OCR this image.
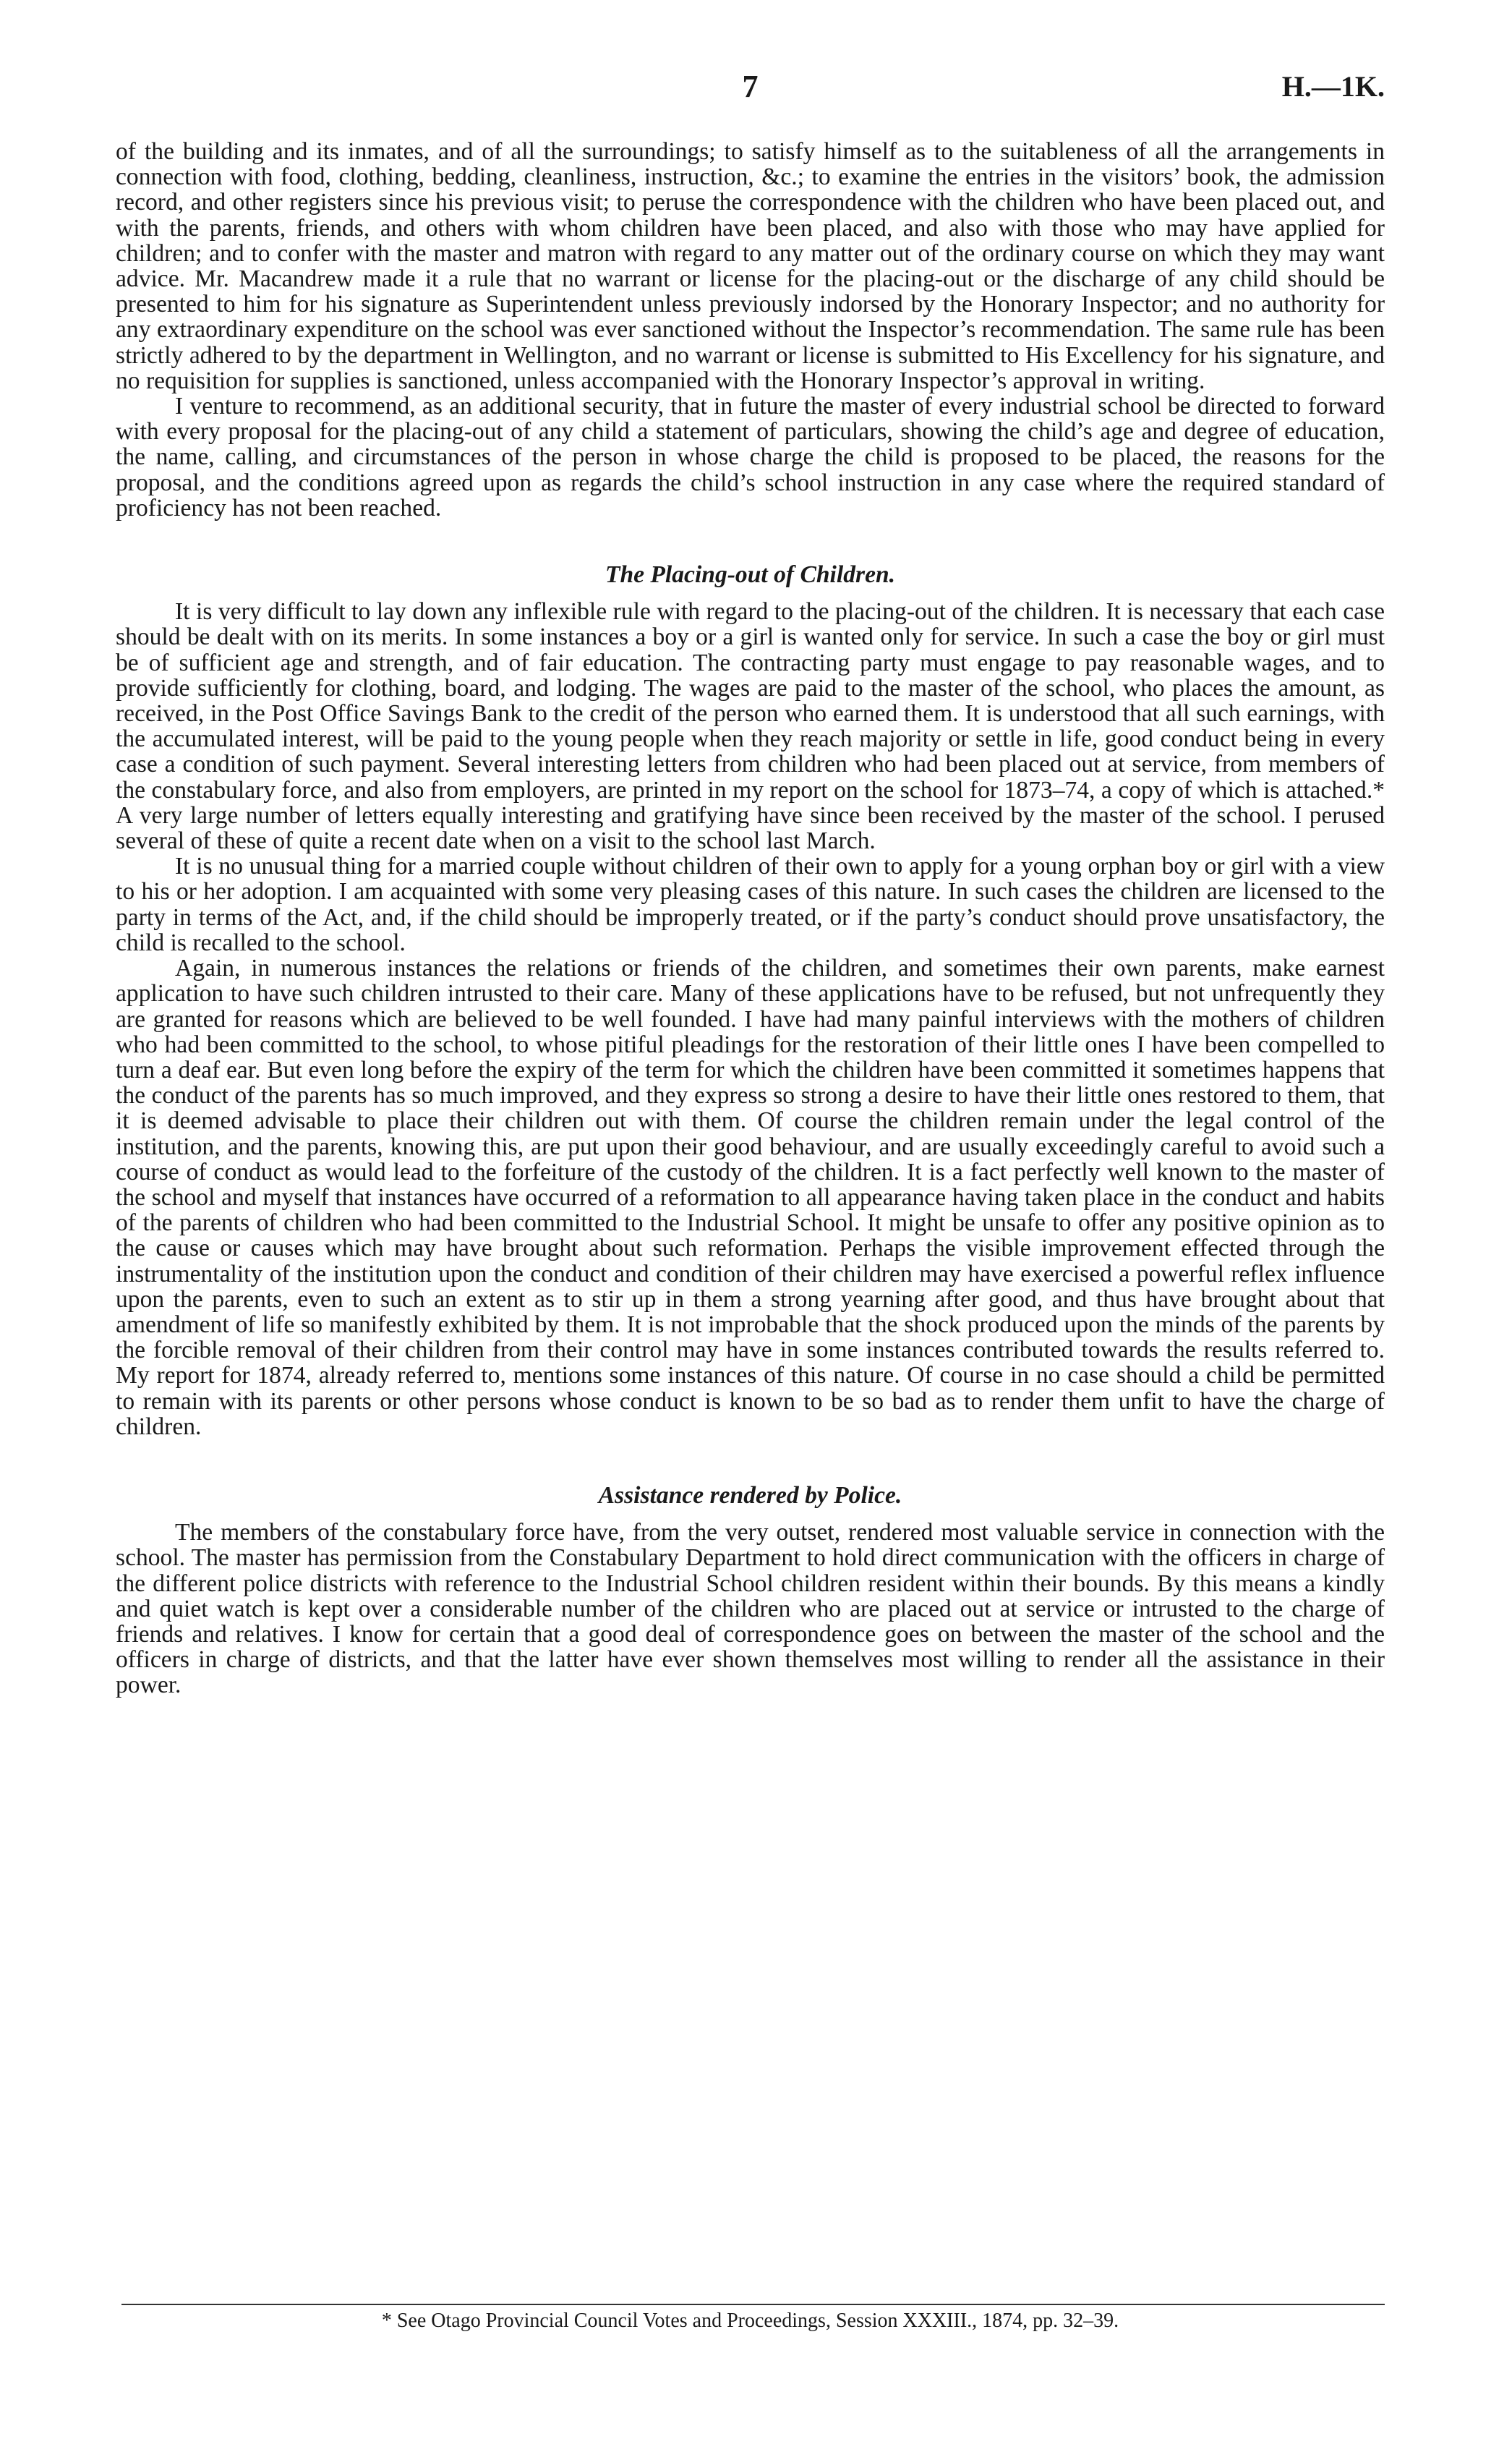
7	H.—1K.

of the building and its inmates, and of all the surroundings; to satisfy himself as to the suitableness of all the arrangements in connection with food, clothing, bedding, cleanliness, instruction, &c.; to examine the entries in the visitors’ book, the admission record, and other registers since his previous visit; to peruse the correspondence with the children who have been placed out, and with the parents, friends, and others with whom children have been placed, and also with those who may have applied for children; and to confer with the master and matron with regard to any matter out of the ordinary course on which they may want advice. Mr. Macandrew made it a rule that no warrant or license for the placing-out or the discharge of any child should be presented to him for his signature as Superintendent unless previously indorsed by the Honorary Inspector; and no authority for any extraordinary expenditure on the school was ever sanctioned without the Inspector’s recommendation. The same rule has been strictly adhered to by the department in Wellington, and no warrant or license is submitted to His Excellency for his signature, and no requisition for supplies is sanctioned, unless accompanied with the Honorary Inspector’s approval in writing.

I venture to recommend, as an additional security, that in future the master of every industrial school be directed to forward with every proposal for the placing-out of any child a statement of particulars, showing the child’s age and degree of education, the name, calling, and circumstances of the person in whose charge the child is proposed to be placed, the reasons for the proposal, and the conditions agreed upon as regards the child’s school instruction in any case where the required standard of proficiency has not been reached.

The Placing-out of Children.

It is very difficult to lay down any inflexible rule with regard to the placing-out of the children. It is necessary that each case should be dealt with on its merits. In some instances a boy or a girl is wanted only for service. In such a case the boy or girl must be of sufficient age and strength, and of fair education. The contracting party must engage to pay reasonable wages, and to provide sufficiently for clothing, board, and lodging. The wages are paid to the master of the school, who places the amount, as received, in the Post Office Savings Bank to the credit of the person who earned them. It is understood that all such earnings, with the accumulated interest, will be paid to the young people when they reach majority or settle in life, good conduct being in every case a condition of such payment. Several interesting letters from children who had been placed out at service, from members of the constabulary force, and also from employers, are printed in my report on the school for 1873–74, a copy of which is attached.* A very large number of letters equally interesting and gratifying have since been received by the master of the school. I perused several of these of quite a recent date when on a visit to the school last March.

It is no unusual thing for a married couple without children of their own to apply for a young orphan boy or girl with a view to his or her adoption. I am acquainted with some very pleasing cases of this nature. In such cases the children are licensed to the party in terms of the Act, and, if the child should be improperly treated, or if the party’s conduct should prove unsatisfactory, the child is recalled to the school.

Again, in numerous instances the relations or friends of the children, and sometimes their own parents, make earnest application to have such children intrusted to their care. Many of these applications have to be refused, but not unfrequently they are granted for reasons which are believed to be well founded. I have had many painful interviews with the mothers of children who had been committed to the school, to whose pitiful pleadings for the restoration of their little ones I have been compelled to turn a deaf ear. But even long before the expiry of the term for which the children have been committed it sometimes happens that the conduct of the parents has so much improved, and they express so strong a desire to have their little ones restored to them, that it is deemed advisable to place their children out with them. Of course the children remain under the legal control of the institution, and the parents, knowing this, are put upon their good behaviour, and are usually exceedingly careful to avoid such a course of conduct as would lead to the forfeiture of the custody of the children. It is a fact perfectly well known to the master of the school and myself that instances have occurred of a reformation to all appearance having taken place in the conduct and habits of the parents of children who had been committed to the Industrial School. It might be unsafe to offer any positive opinion as to the cause or causes which may have brought about such reformation. Perhaps the visible improvement effected through the instrumentality of the institution upon the conduct and condition of their children may have exercised a powerful reflex influence upon the parents, even to such an extent as to stir up in them a strong yearning after good, and thus have brought about that amendment of life so manifestly exhibited by them. It is not improbable that the shock produced upon the minds of the parents by the forcible removal of their children from their control may have in some instances contributed towards the results referred to. My report for 1874, already referred to, mentions some instances of this nature. Of course in no case should a child be permitted to remain with its parents or other persons whose conduct is known to be so bad as to render them unfit to have the charge of children.

Assistance rendered by Police.

The members of the constabulary force have, from the very outset, rendered most valuable service in connection with the school. The master has permission from the Constabulary Department to hold direct communication with the officers in charge of the different police districts with reference to the Industrial School children resident within their bounds. By this means a kindly and quiet watch is kept over a considerable number of the children who are placed out at service or intrusted to the charge of friends and relatives. I know for certain that a good deal of correspondence goes on between the master of the school and the officers in charge of districts, and that the latter have ever shown themselves most willing to render all the assistance in their power.

* See Otago Provincial Council Votes and Proceedings, Session XXXIII., 1874, pp. 32–39.
